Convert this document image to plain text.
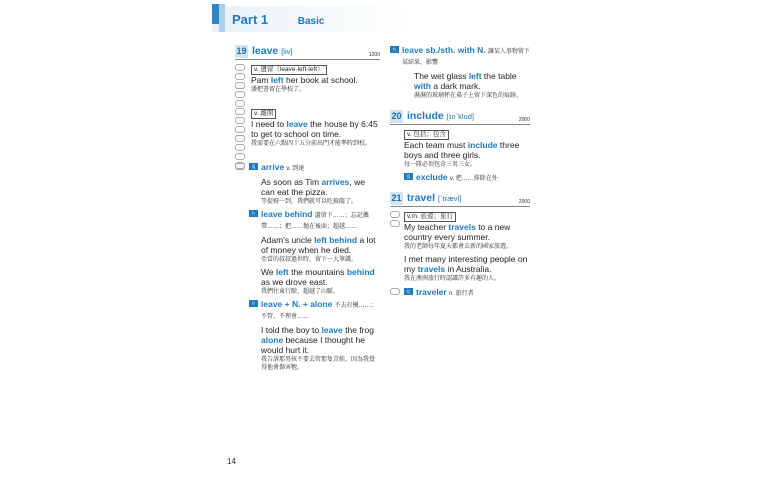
Part 1	Basic
19 leave [liv]	1200
v. 遺留（leave-left-left）
Pam left her book at school.
潘把書留在學校了。
v. 離開
I need to leave the house by 6:45 to get to school on time.
我需要在六點四十五分前出門才能準時到校。
反 arrive v. 到達
As soon as Tim arrives, we can eat the pizza.
等提姆一到，我們就可以吃披薩了。
片 leave behind 遺留下……；忘記攜帶……；把……拋在後面；超越……
Adam's uncle left behind a lot of money when he died.
亞當的叔叔過世時，留下一大筆錢。
We left the mountains behind as we drove east.
我們往東行駛，超越了山脈。
片 leave + N. + alone 不去打擾……；不管、不理會……
I told the boy to leave the frog alone because I thought he would hurt it.
我告訴那男孩不要去管那隻青蛙，因為我覺得他會傷害牠。
片 leave sb./sth. with N. 讓某人事物留下某結果、影響
The wet glass left the table with a dark mark.
濕濕的玻璃杯在桌子上留下深色的痕跡。
20 include [ɪnˋklud]	2000
v. 包括；包含
Each team must include three boys and three girls.
每一隊必須包含三男三女。
反 exclude v. 把……排除在外
21 travel [ˋtrævl]	2000
v./n. 旅遊；旅行
My teacher travels to a new country every summer.
我的老師每年夏天都會去新的國家旅遊。
I met many interesting people on my travels in Australia.
我在澳洲旅行時認識許多有趣的人。
衍 traveler n. 旅行者
14
